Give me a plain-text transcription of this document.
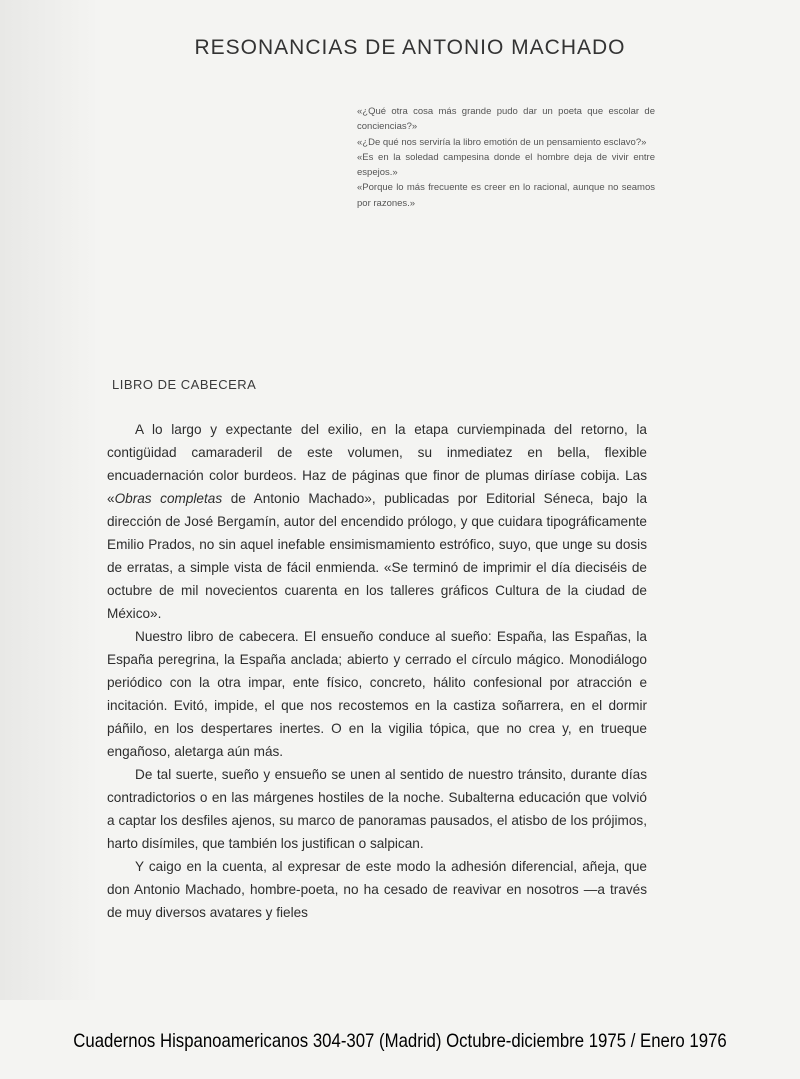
RESONANCIAS DE ANTONIO MACHADO

«¿Qué otra cosa más grande pudo dar un poeta que escolar de conciencias?»

«¿De qué nos serviría la libro emotión de un pensamiento esclavo?»

«Es en la soledad campesina donde el hombre deja de vivir entre espejos.»

«Porque lo más frecuente es creer en lo racional, aunque no seamos por razones.»

LIBRO DE CABECERA

A lo largo y expectante del exilio, en la etapa curviempinada del retorno, la contigüidad camaraderil de este volumen, su inmediatez en bella, flexible encuadernación color burdeos. Haz de páginas que finor de plumas diríase cobija. Las «Obras completas de Antonio Machado», publicadas por Editorial Séneca, bajo la dirección de José Bergamín, autor del encendido prólogo, y que cuidara tipográficamente Emilio Prados, no sin aquel inefable ensimismamiento estrófico, suyo, que unge su dosis de erratas, a simple vista de fácil enmienda. «Se terminó de imprimir el día dieciséis de octubre de mil novecientos cuarenta en los talleres gráficos Cultura de la ciudad de México».

Nuestro libro de cabecera. El ensueño conduce al sueño: España, las Españas, la España peregrina, la España anclada; abierto y cerrado el círculo mágico. Monodiálogo periódico con la otra impar, ente físico, concreto, hálito confesional por atracción e incitación. Evitó, impide, el que nos recostemos en la castiza soñarrera, en el dormir páñilo, en los despertares inertes. O en la vigilia tópica, que no crea y, en trueque engañoso, aletarga aún más.

De tal suerte, sueño y ensueño se unen al sentido de nuestro tránsito, durante días contradictorios o en las márgenes hostiles de la noche. Subalterna educación que volvió a captar los desfiles ajenos, su marco de panoramas pausados, el atisbo de los prójimos, harto disímiles, que también los justifican o salpican.

Y caigo en la cuenta, al expresar de este modo la adhesión diferencial, añeja, que don Antonio Machado, hombre-poeta, no ha cesado de reavivar en nosotros —a través de muy diversos avatares y fieles

Cuadernos Hispanoamericanos 304-307 (Madrid) Octubre-diciembre 1975 / Enero 1976
